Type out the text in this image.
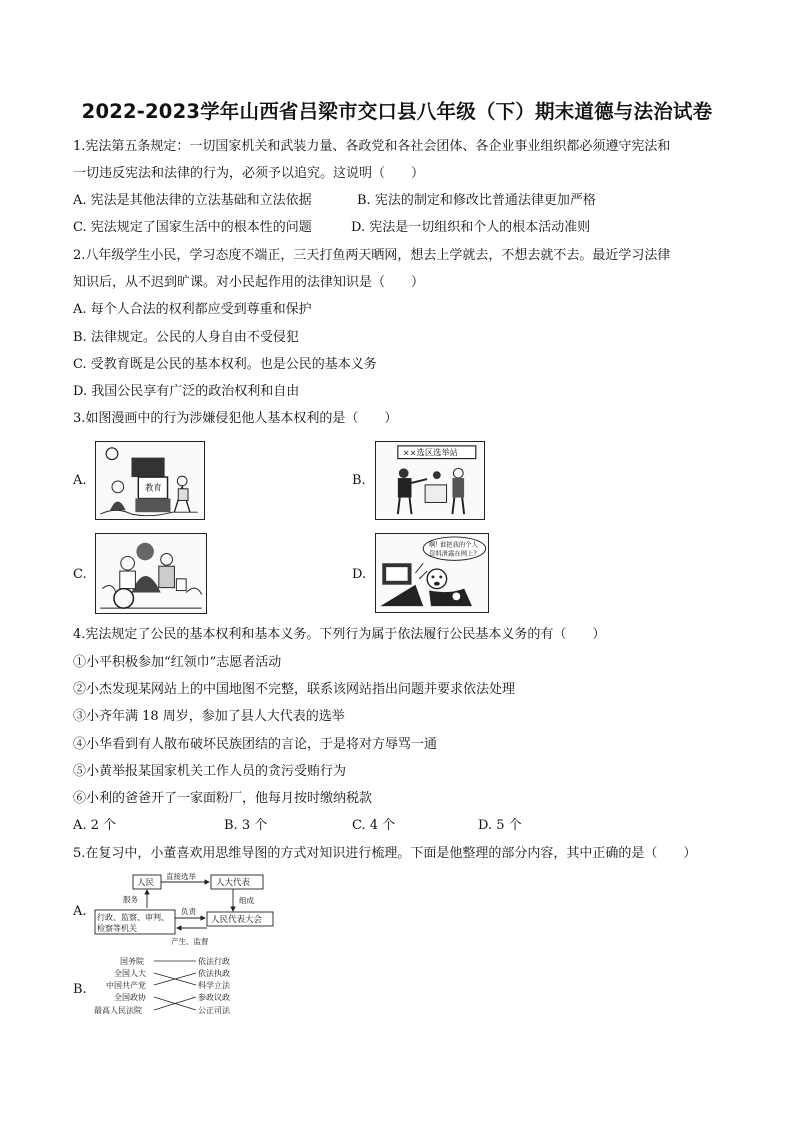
2022-2023学年山西省吕梁市交口县八年级（下）期末道德与法治试卷
1.宪法第五条规定：一切国家机关和武装力量、各政党和各社会团体、各企业事业组织都必须遵守宪法和
一切违反宪法和法律的行为，必须予以追究。这说明（　　）
A. 宪法是其他法律的立法基础和立法依据	B. 宪法的制定和修改比普通法律更加严格
C. 宪法规定了国家生活中的根本性的问题	D. 宪法是一切组织和个人的根本活动准则
2.八年级学生小民，学习态度不端正，三天打鱼两天晒网，想去上学就去，不想去就不去。最近学习法律
知识后，从不迟到旷课。对小民起作用的法律知识是（　　）
A. 每个人合法的权利都应受到尊重和保护
B. 法律规定。公民的人身自由不受侵犯
C. 受教育既是公民的基本权利。也是公民的基本义务
D. 我国公民享有广泛的政治权利和自由
3.如图漫画中的行为涉嫌侵犯他人基本权利的是（　　）
A.	教育	B.
××选区选举站
C.	D.
啊! 谁把我的个人
资料泄露在网上?
4.宪法规定了公民的基本权利和基本义务。下列行为属于依法履行公民基本义务的有（　　）
①小平积极参加“红领巾”志愿者活动
②小杰发现某网站上的中国地图不完整，联系该网站指出问题并要求依法处理
③小齐年满 18 周岁，参加了县人大代表的选举
④小华看到有人散布破坏民族团结的言论，于是将对方辱骂一通
⑤小黄举报某国家机关工作人员的贪污受贿行为
⑥小利的爸爸开了一家面粉厂，他每月按时缴纳税款
A. 2 个	B. 3 个	C. 4 个	D. 5 个
5.在复习中，小董喜欢用思维导图的方式对知识进行梳理。下面是他整理的部分内容，其中正确的是（　　）
A.
人民
直接选举
人大代表
组成
服务
行政、监察、审判、
检察等机关
负责
人民代表大会
产生、监督
B.
国务院
全国人大
中国共产党
全国政协
最高人民法院
依法行政
依法执政
科学立法
参政议政
公正司法
